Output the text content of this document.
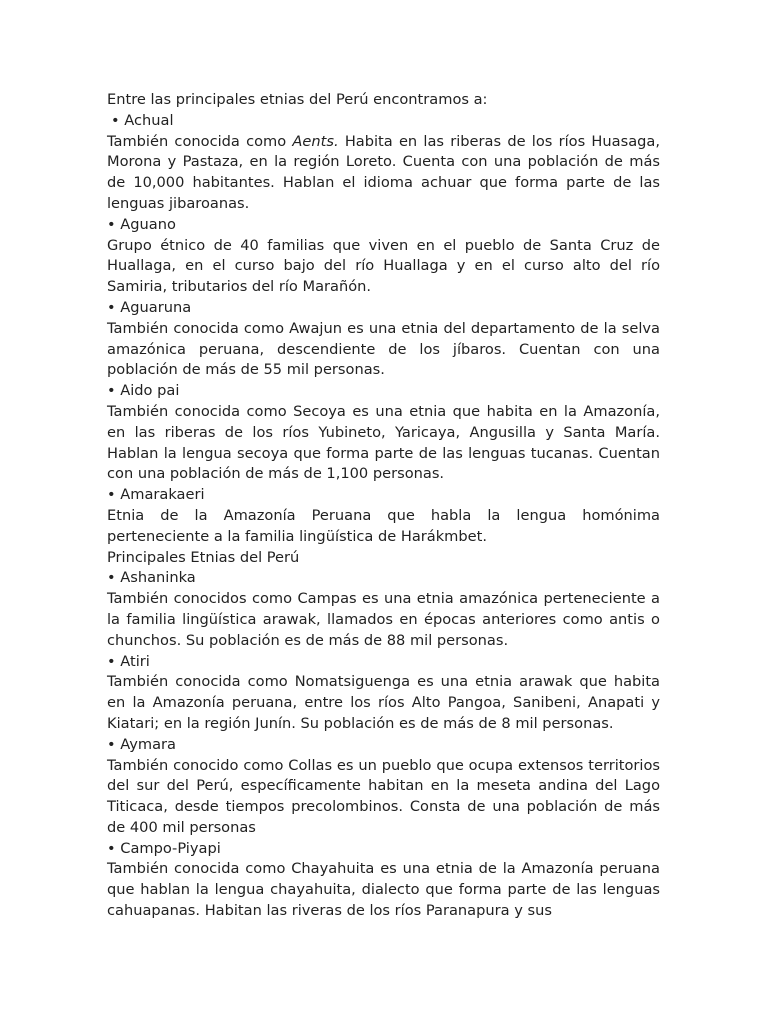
Entre las principales etnias del Perú encontramos a:
• Achual

También conocida como Aents. Habita en las riberas de los ríos Huasaga, Morona y Pastaza, en la región Loreto. Cuenta con una población de más de 10,000 habitantes. Hablan el idioma achuar que forma parte de las lenguas jibaroanas.

• Aguano

Grupo étnico de 40 familias que viven en el pueblo de Santa Cruz de Huallaga, en el curso bajo del río Huallaga y en el curso alto del río Samiria, tributarios del río Marañón.

• Aguaruna

También conocida como Awajun es una etnia del departamento de la selva amazónica peruana, descendiente de los jíbaros. Cuentan con una población de más de 55 mil personas.

• Aido pai

También conocida como Secoya es una etnia que habita en la Amazonía, en las riberas de los ríos Yubineto, Yaricaya, Angusilla y Santa María. Hablan la lengua secoya que forma parte de las lenguas tucanas. Cuentan con una población de más de 1,100 personas.

• Amarakaeri

Etnia de la Amazonía Peruana que habla la lengua homónima perteneciente a la familia lingüística de Harákmbet.

Principales Etnias del Perú
• Ashaninka

También conocidos como Campas es una etnia amazónica perteneciente a la familia lingüística arawak, llamados en épocas anteriores como antis o chunchos. Su población es de más de 88 mil personas.

• Atiri

También conocida como Nomatsiguenga es una etnia arawak que habita en la Amazonía peruana, entre los ríos Alto Pangoa, Sanibeni, Anapati y Kiatari; en la región Junín. Su población es de más de 8 mil personas.

• Aymara

También conocido como Collas es un pueblo que ocupa extensos territorios del sur del Perú, específicamente habitan en la meseta andina del Lago Titicaca, desde tiempos precolombinos. Consta de una población de más de 400 mil personas

• Campo-Piyapi

También conocida como Chayahuita es una etnia de la Amazonía peruana que hablan la lengua chayahuita, dialecto que forma parte de las lenguas cahuapanas. Habitan las riveras de los ríos Paranapura y sus
